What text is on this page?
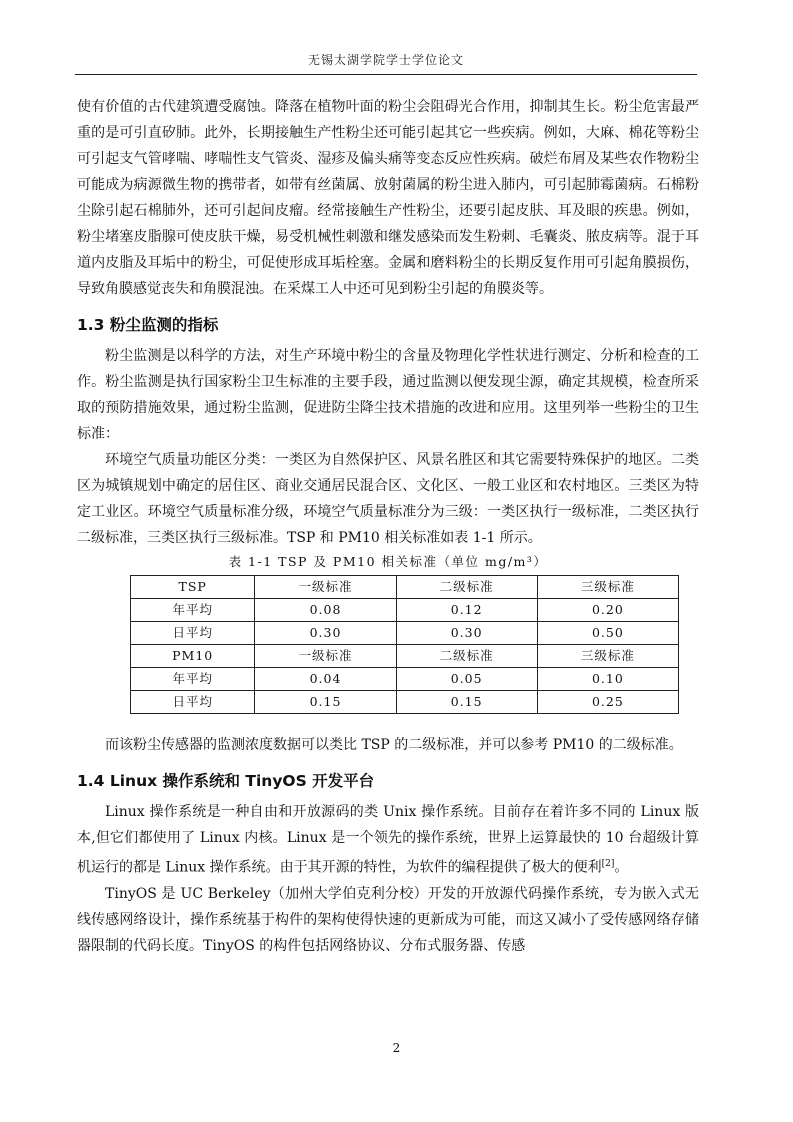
无锡太湖学院学士学位论文

使有价值的古代建筑遭受腐蚀。降落在植物叶面的粉尘会阻碍光合作用，抑制其生长。粉尘危害最严重的是可引直矽肺。此外，长期接触生产性粉尘还可能引起其它一些疾病。例如，大麻、棉花等粉尘可引起支气管哮喘、哮喘性支气管炎、湿疹及偏头痛等变态反应性疾病。破烂布屑及某些农作物粉尘可能成为病源微生物的携带者，如带有丝菌属、放射菌属的粉尘进入肺内，可引起肺霉菌病。石棉粉尘除引起石棉肺外，还可引起间皮瘤。经常接触生产性粉尘，还要引起皮肤、耳及眼的疾患。例如，粉尘堵塞皮脂腺可使皮肤干燥，易受机械性刺激和继发感染而发生粉刺、毛囊炎、脓皮病等。混于耳道内皮脂及耳垢中的粉尘，可促使形成耳垢栓塞。金属和磨料粉尘的长期反复作用可引起角膜损伤，导致角膜感觉丧失和角膜混浊。在采煤工人中还可见到粉尘引起的角膜炎等。

1.3 粉尘监测的指标

粉尘监测是以科学的方法，对生产环境中粉尘的含量及物理化学性状进行测定、分析和检查的工作。粉尘监测是执行国家粉尘卫生标准的主要手段，通过监测以便发现尘源，确定其规模，检查所采取的预防措施效果，通过粉尘监测，促进防尘降尘技术措施的改进和应用。这里列举一些粉尘的卫生标准：

环境空气质量功能区分类：一类区为自然保护区、风景名胜区和其它需要特殊保护的地区。二类区为城镇规划中确定的居住区、商业交通居民混合区、文化区、一般工业区和农村地区。三类区为特定工业区。环境空气质量标准分级，环境空气质量标准分为三级：一类区执行一级标准，二类区执行二级标准，三类区执行三级标准。TSP 和 PM10 相关标准如表 1-1 所示。

表 1-1 TSP 及 PM10 相关标准（单位 mg/m³）
TSP	一级标准	二级标准	三级标准
年平均	0.08	0.12	0.20
日平均	0.30	0.30	0.50
PM10	一级标准	二级标准	三级标准
年平均	0.04	0.05	0.10
日平均	0.15	0.15	0.25

而该粉尘传感器的监测浓度数据可以类比 TSP 的二级标准，并可以参考 PM10 的二级标准。

1.4 Linux 操作系统和 TinyOS 开发平台

Linux 操作系统是一种自由和开放源码的类 Unix 操作系统。目前存在着许多不同的 Linux 版本,但它们都使用了 Linux 内核。Linux 是一个领先的操作系统，世界上运算最快的 10 台超级计算机运行的都是 Linux 操作系统。由于其开源的特性，为软件的编程提供了极大的便利[2]。

TinyOS 是 UC Berkeley（加州大学伯克利分校）开发的开放源代码操作系统，专为嵌入式无线传感网络设计，操作系统基于构件的架构使得快速的更新成为可能，而这又减小了受传感网络存储器限制的代码长度。TinyOS 的构件包括网络协议、分布式服务器、传感

2
